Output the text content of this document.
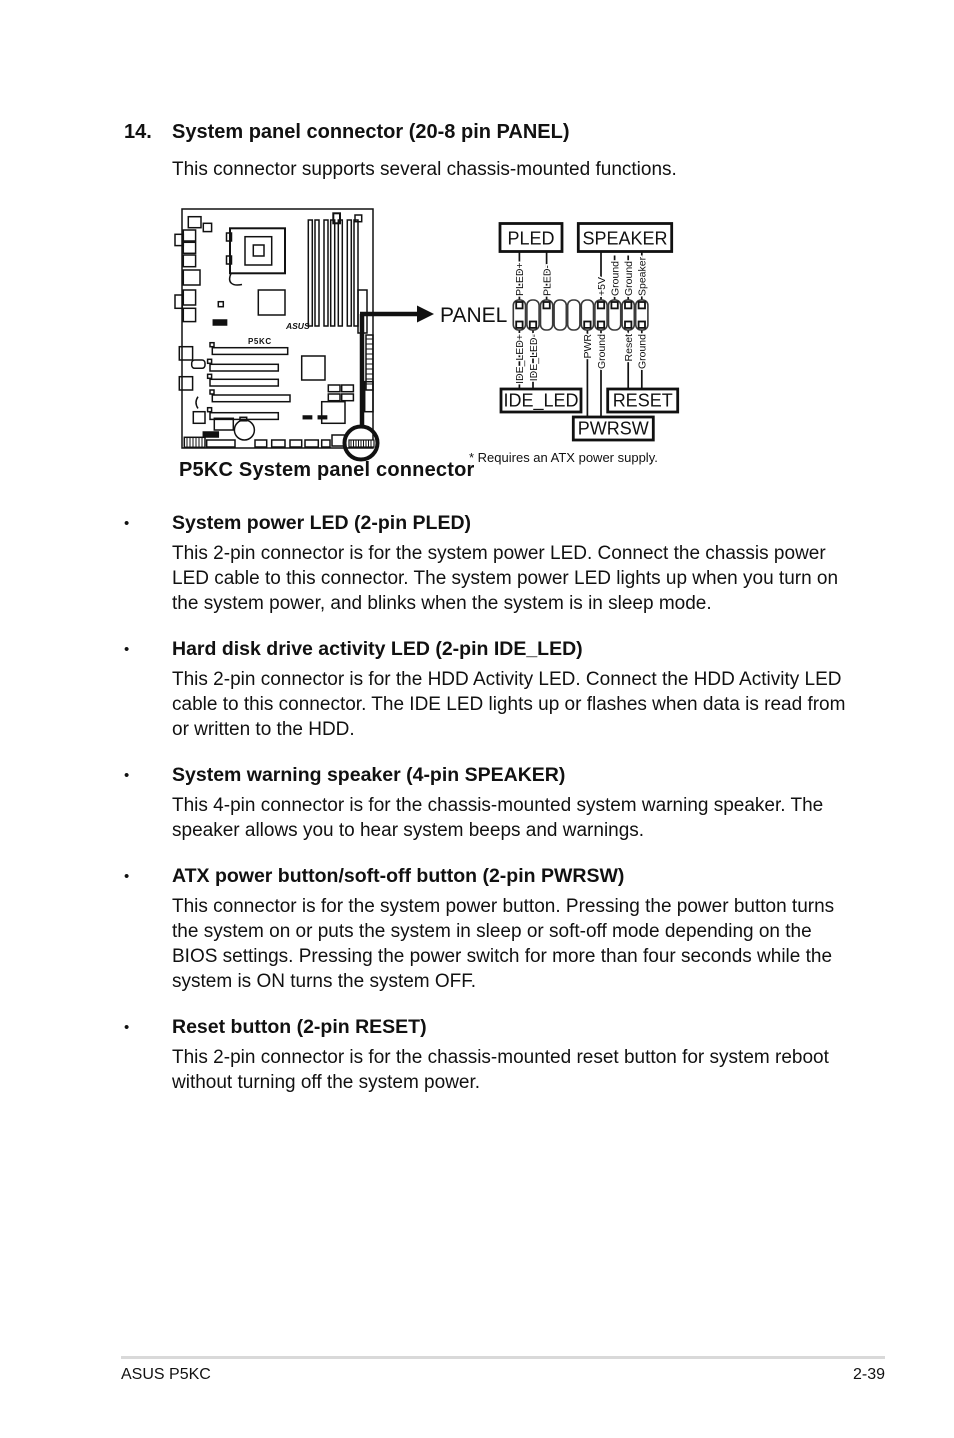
14.	System panel connector (20-8 pin PANEL)
This connector supports several chassis-mounted functions.
ASUS
P5KC
PANEL
PLED+ PLED-	+5V Ground Ground Speaker
IDE_LED+ IDE_LED-	PWR Ground Reset Ground
PLED SPEAKER
IDE_LED RESET
PWRSW
P5KC System panel connector
* Requires an ATX power supply.
•	System power LED (2-pin PLED)
This 2-pin connector is for the system power LED. Connect the chassis power LED cable to this connector. The system power LED lights up when you turn on the system power, and blinks when the system is in sleep mode.
•	Hard disk drive activity LED (2-pin IDE_LED)
This 2-pin connector is for the HDD Activity LED. Connect the HDD Activity LED cable to this connector. The IDE LED lights up or flashes when data is read from or written to the HDD.
•	System warning speaker (4-pin SPEAKER)
This 4-pin connector is for the chassis-mounted system warning speaker. The speaker allows you to hear system beeps and warnings.
•	ATX power button/soft-off button (2-pin PWRSW)
This connector is for the system power button. Pressing the power button turns the system on or puts the system in sleep or soft-off mode depending on the BIOS settings. Pressing the power switch for more than four seconds while the system is ON turns the system OFF.
•	Reset button (2-pin RESET)
This 2-pin connector is for the chassis-mounted reset button for system reboot without turning off the system power.
ASUS P5KC	2-39
